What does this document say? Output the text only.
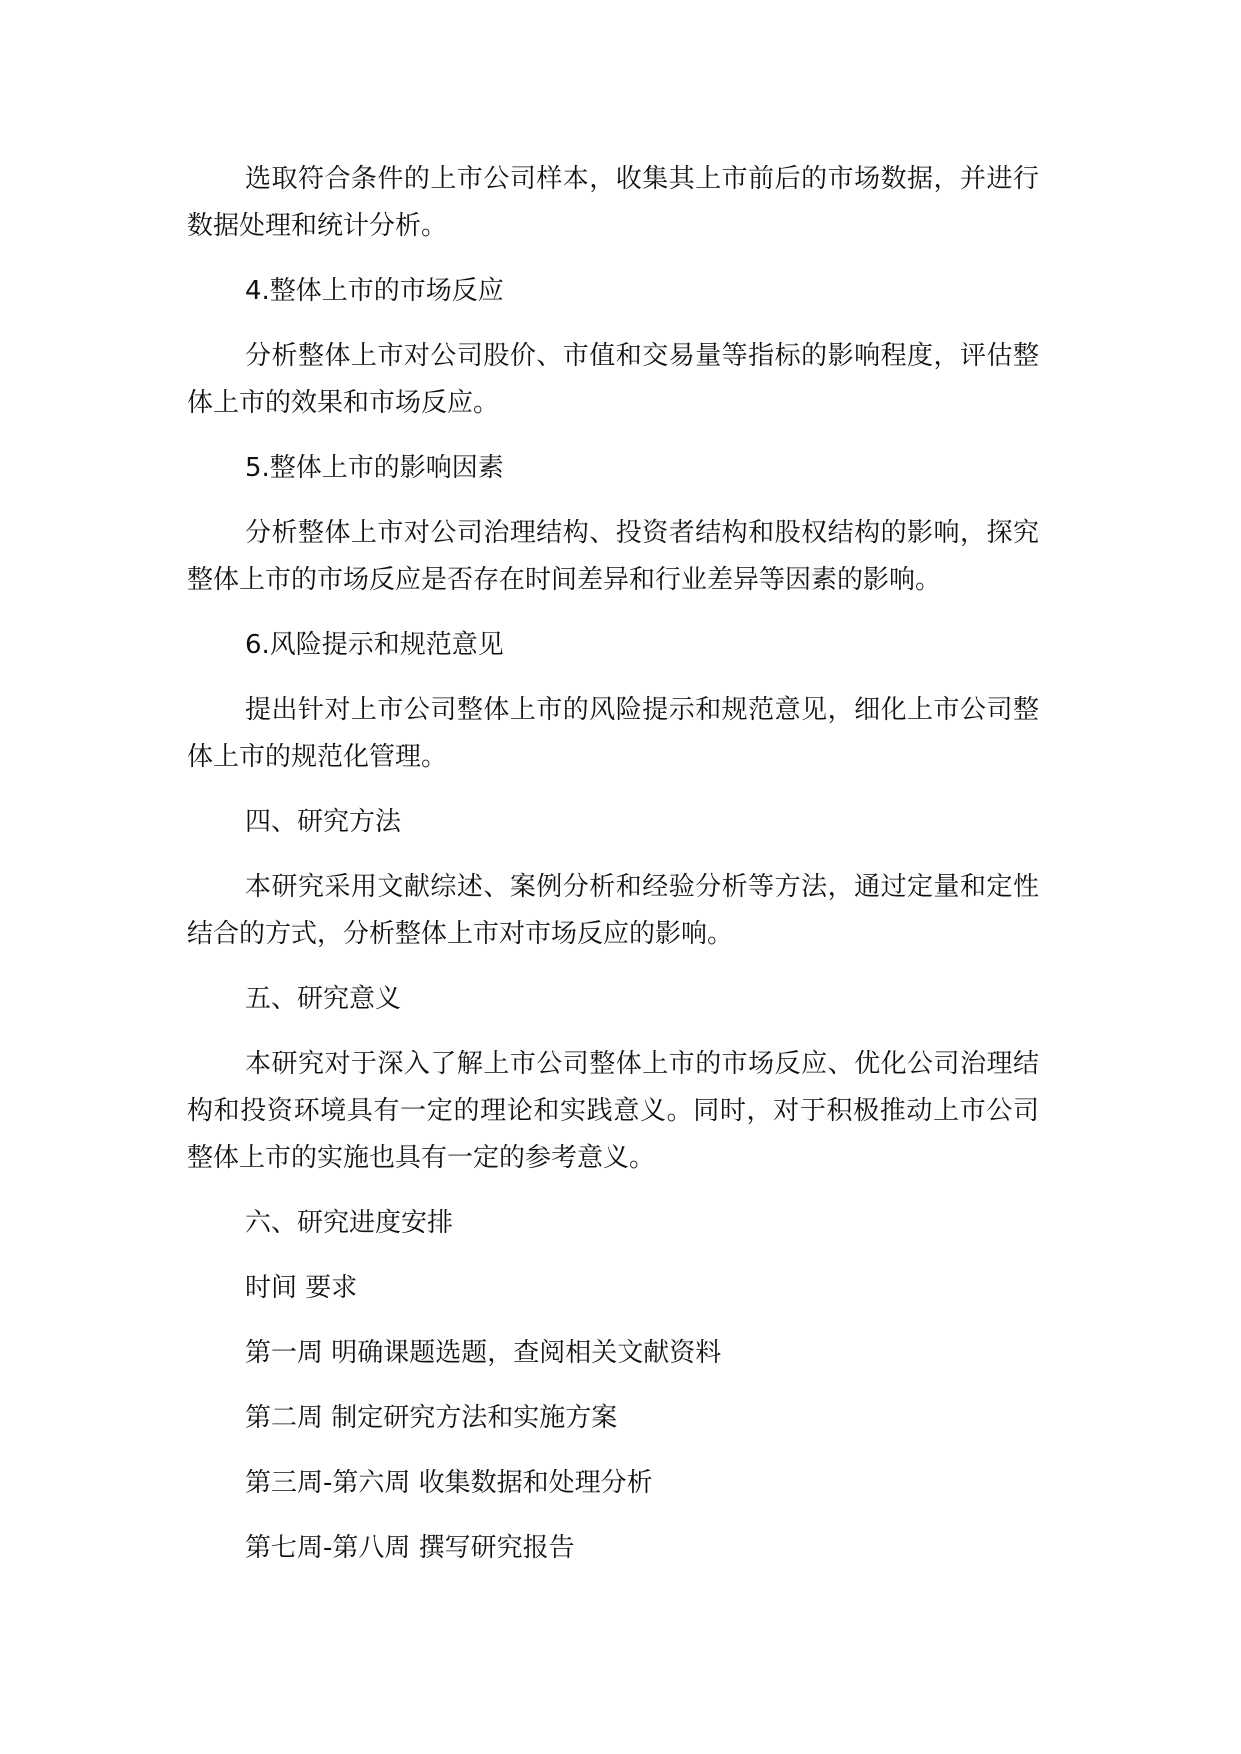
选取符合条件的上市公司样本，收集其上市前后的市场数据，并进行数据处理和统计分析。

4.整体上市的市场反应

分析整体上市对公司股价、市值和交易量等指标的影响程度，评估整体上市的效果和市场反应。

5.整体上市的影响因素

分析整体上市对公司治理结构、投资者结构和股权结构的影响，探究整体上市的市场反应是否存在时间差异和行业差异等因素的影响。

6.风险提示和规范意见

提出针对上市公司整体上市的风险提示和规范意见，细化上市公司整体上市的规范化管理。

四、研究方法

本研究采用文献综述、案例分析和经验分析等方法，通过定量和定性结合的方式，分析整体上市对市场反应的影响。

五、研究意义

本研究对于深入了解上市公司整体上市的市场反应、优化公司治理结构和投资环境具有一定的理论和实践意义。同时，对于积极推动上市公司整体上市的实施也具有一定的参考意义。

六、研究进度安排

时间 要求

第一周 明确课题选题，查阅相关文献资料

第二周 制定研究方法和实施方案

第三周-第六周 收集数据和处理分析

第七周-第八周 撰写研究报告
